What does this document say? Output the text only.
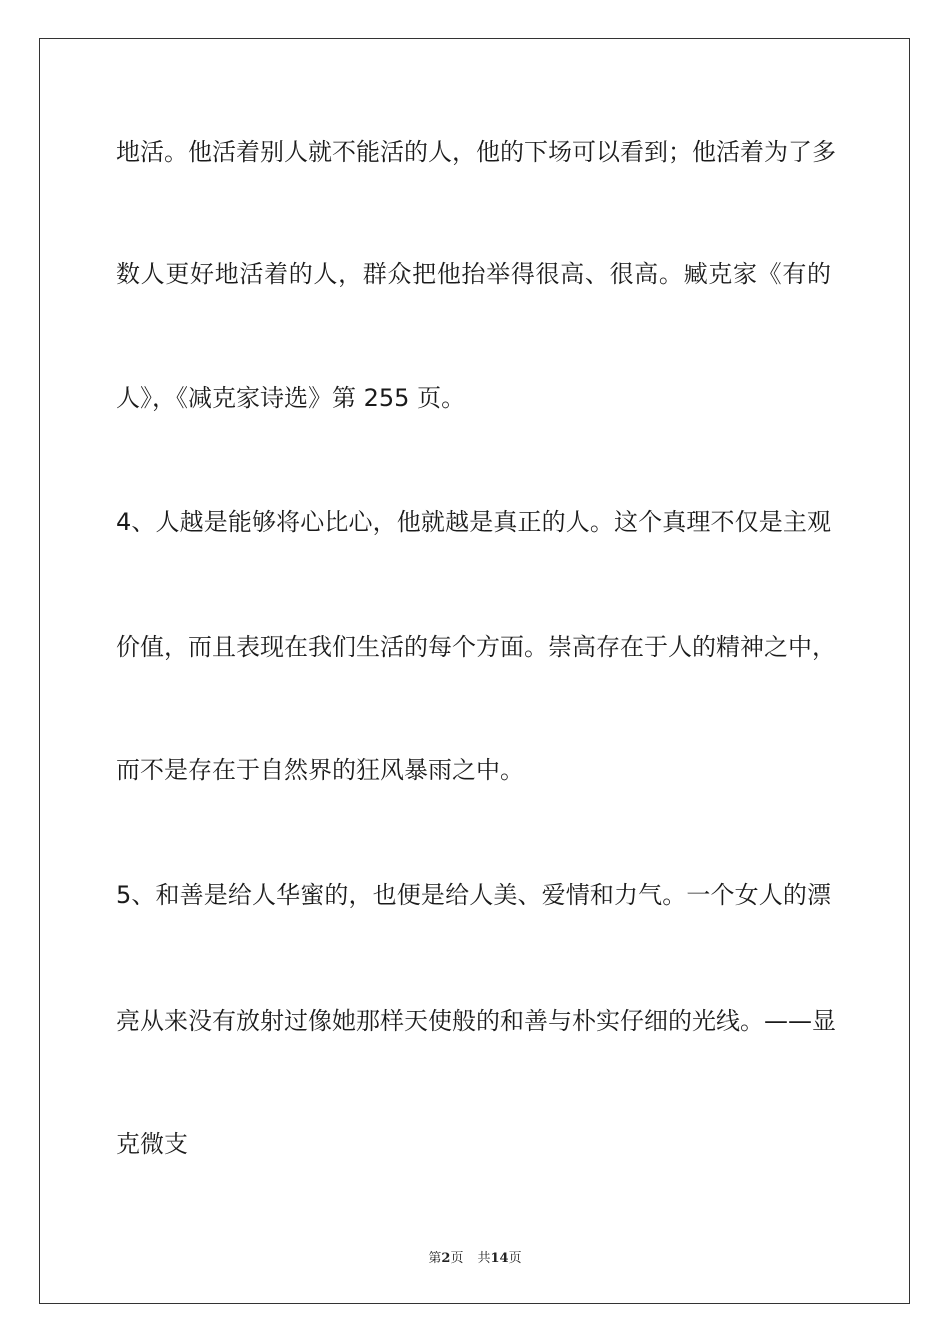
地活。他活着别人就不能活的人，他的下场可以看到；他活着为了多

数人更好地活着的人，群众把他抬举得很高、很高。臧克家《有的

人》，《减克家诗选》第 255 页。

4、人越是能够将心比心，他就越是真正的人。这个真理不仅是主观

价值，而且表现在我们生活的每个方面。崇高存在于人的精神之中，

而不是存在于自然界的狂风暴雨之中。

5、和善是给人华蜜的，也便是给人美、爱情和力气。一个女人的漂

亮从来没有放射过像她那样天使般的和善与朴实仔细的光线。——显

克微支

第2页 共14页
